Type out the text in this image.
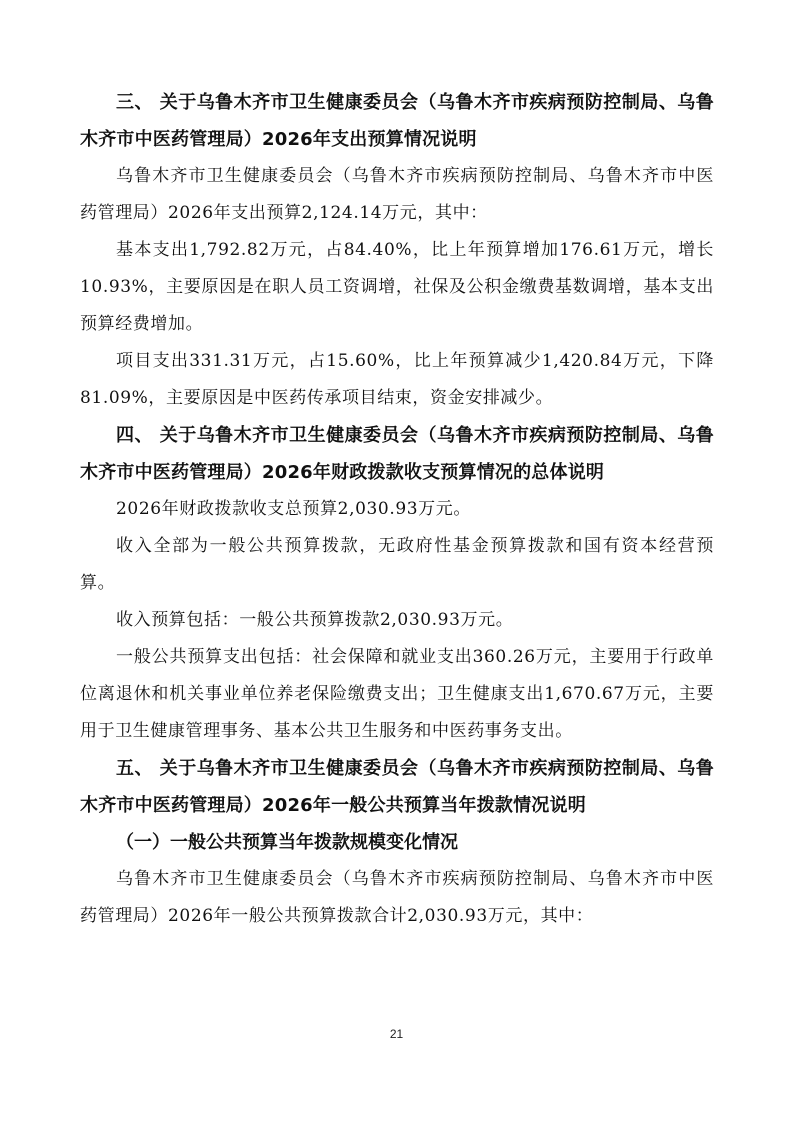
三、 关于乌鲁木齐市卫生健康委员会（乌鲁木齐市疾病预防控制局、乌鲁木齐市中医药管理局）2026年支出预算情况说明

乌鲁木齐市卫生健康委员会（乌鲁木齐市疾病预防控制局、乌鲁木齐市中医药管理局）2026年支出预算2,124.14万元，其中：

基本支出1,792.82万元，占84.40%，比上年预算增加176.61万元，增长10.93%，主要原因是在职人员工资调增，社保及公积金缴费基数调增，基本支出预算经费增加。

项目支出331.31万元，占15.60%，比上年预算减少1,420.84万元，下降81.09%，主要原因是中医药传承项目结束，资金安排减少。

四、 关于乌鲁木齐市卫生健康委员会（乌鲁木齐市疾病预防控制局、乌鲁木齐市中医药管理局）2026年财政拨款收支预算情况的总体说明

2026年财政拨款收支总预算2,030.93万元。

收入全部为一般公共预算拨款，无政府性基金预算拨款和国有资本经营预算。

收入预算包括：一般公共预算拨款2,030.93万元。

一般公共预算支出包括：社会保障和就业支出360.26万元，主要用于行政单位离退休和机关事业单位养老保险缴费支出；卫生健康支出1,670.67万元，主要用于卫生健康管理事务、基本公共卫生服务和中医药事务支出。

五、 关于乌鲁木齐市卫生健康委员会（乌鲁木齐市疾病预防控制局、乌鲁木齐市中医药管理局）2026年一般公共预算当年拨款情况说明

（一）一般公共预算当年拨款规模变化情况

乌鲁木齐市卫生健康委员会（乌鲁木齐市疾病预防控制局、乌鲁木齐市中医药管理局）2026年一般公共预算拨款合计2,030.93万元，其中：

21
